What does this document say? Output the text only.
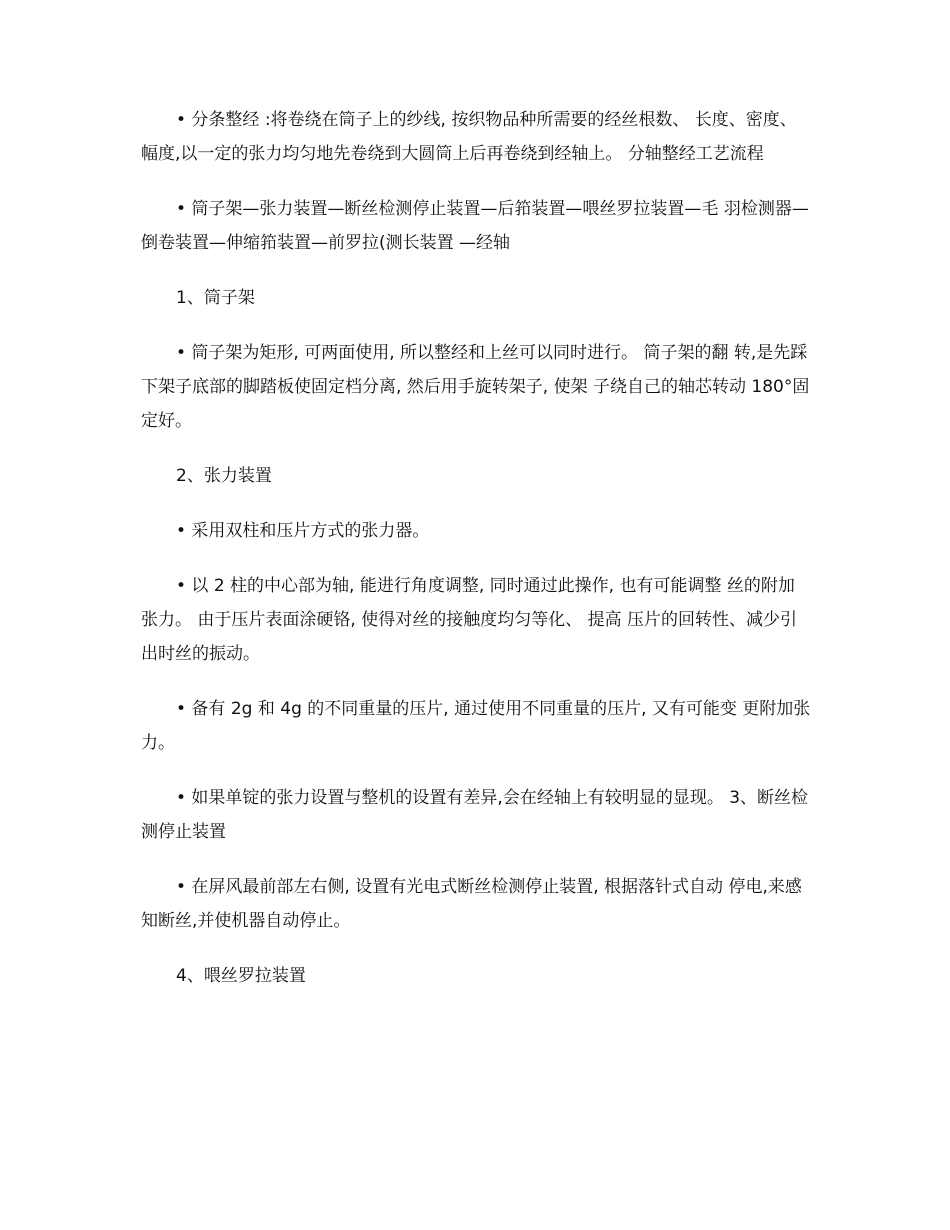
• 分条整经 :将卷绕在筒子上的纱线, 按织物品种所需要的经丝根数、 长度、密度、幅度,以一定的张力均匀地先卷绕到大圆筒上后再卷绕到经轴上。 分轴整经工艺流程

• 筒子架—张力装置—断丝检测停止装置—后筘装置—喂丝罗拉装置—毛 羽检测器—倒卷装置—伸缩筘装置—前罗拉(测长装置 —经轴

1、筒子架

• 筒子架为矩形, 可两面使用, 所以整经和上丝可以同时进行。 筒子架的翻 转,是先踩下架子底部的脚踏板使固定档分离, 然后用手旋转架子, 使架 子绕自己的轴芯转动 180°固定好。

2、张力装置

• 采用双柱和压片方式的张力器。

• 以 2 柱的中心部为轴, 能进行角度调整, 同时通过此操作, 也有可能调整 丝的附加张力。 由于压片表面涂硬铬, 使得对丝的接触度均匀等化、 提高 压片的回转性、减少引出时丝的振动。

• 备有 2g 和 4g 的不同重量的压片, 通过使用不同重量的压片, 又有可能变 更附加张力。

• 如果单锭的张力设置与整机的设置有差异,会在经轴上有较明显的显现。 3、断丝检测停止装置

• 在屏风最前部左右侧, 设置有光电式断丝检测停止装置, 根据落针式自动 停电,来感知断丝,并使机器自动停止。

4、喂丝罗拉装置
